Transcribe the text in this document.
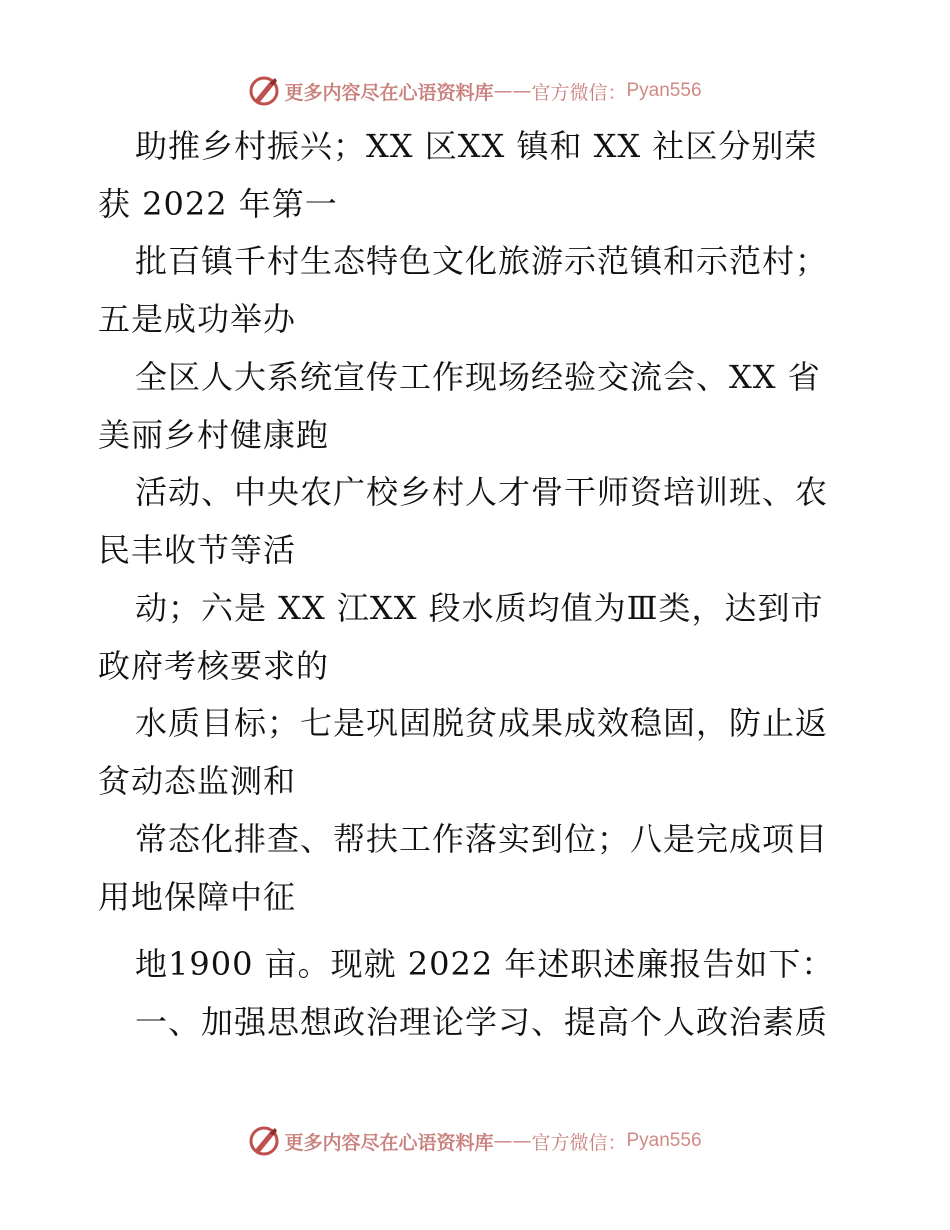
更多内容尽在心语资料库 —— 官方微信： Pyan556
助推乡村振兴；XX 区XX 镇和 XX 社区分别荣
获 2022 年第一
批百镇千村生态特色文化旅游示范镇和示范村；
五是成功举办
全区人大系统宣传工作现场经验交流会、XX 省
美丽乡村健康跑
活动、中央农广校乡村人才骨干师资培训班、农
民丰收节等活
动；六是 XX 江XX 段水质均值为Ⅲ类，达到市
政府考核要求的
水质目标；七是巩固脱贫成果成效稳固，防止返
贫动态监测和
常态化排查、帮扶工作落实到位；八是完成项目
用地保障中征
地1900 亩。现就 2022 年述职述廉报告如下：
一、加强思想政治理论学习、提高个人政治素质
更多内容尽在心语资料库 —— 官方微信： Pyan556
